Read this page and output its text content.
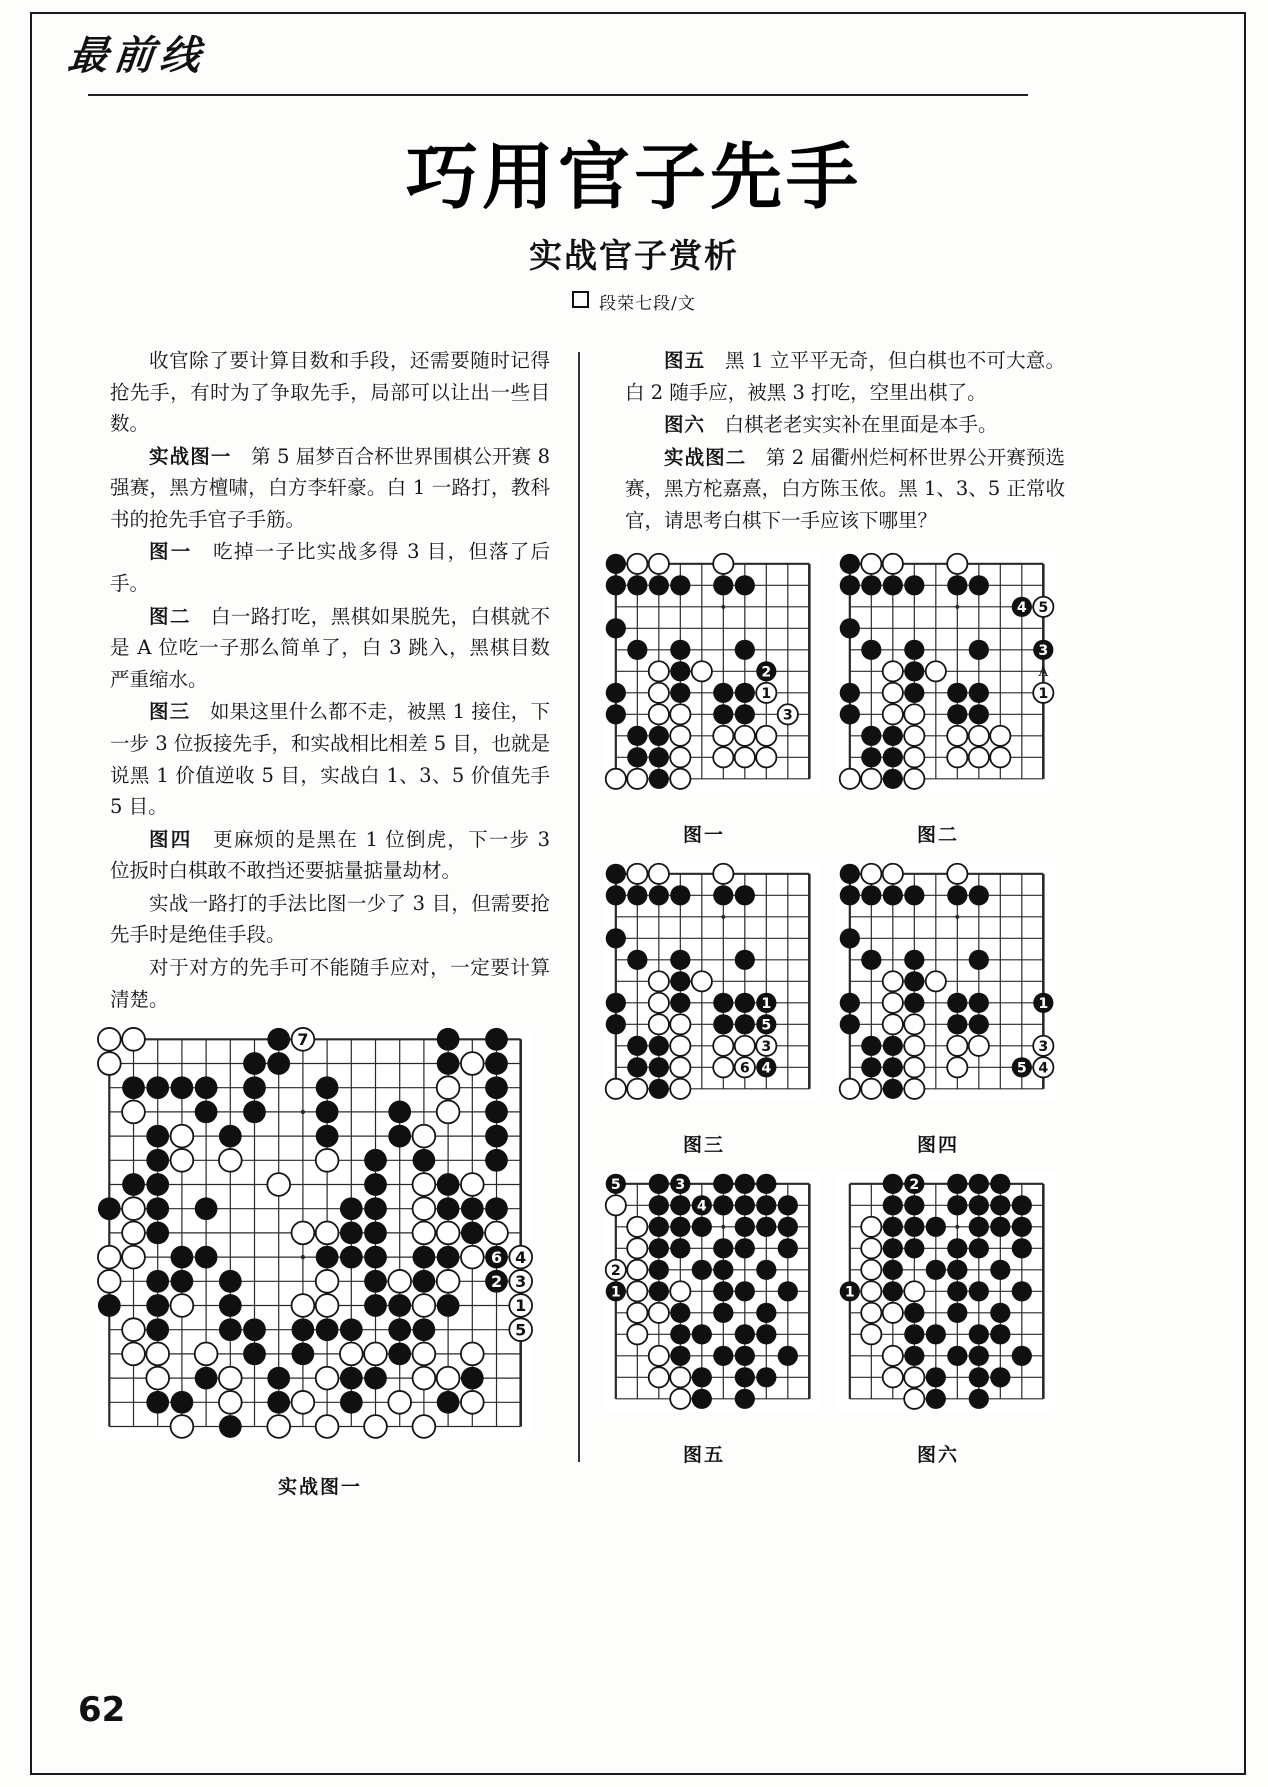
最前线
巧用官子先手
实战官子赏析
段荣七段/文

收官除了要计算目数和手段，还需要随时记得抢先手，有时为了争取先手，局部可以让出一些目数。

实战图一　第 5 届梦百合杯世界围棋公开赛 8 强赛，黑方檀啸，白方李轩豪。白 1 一路打，教科书的抢先手官子手筋。

图一　吃掉一子比实战多得 3 目，但落了后手。

图二　白一路打吃，黑棋如果脱先，白棋就不是 A 位吃一子那么简单了，白 3 跳入，黑棋目数严重缩水。

图三　如果这里什么都不走，被黑 1 接住，下一步 3 位扳接先手，和实战相比相差 5 目，也就是说黑 1 价值逆收 5 目，实战白 1、3、5 价值先手 5 目。

图四　更麻烦的是黑在 1 位倒虎，下一步 3 位扳时白棋敢不敢挡还要掂量掂量劫材。

实战一路打的手法比图一少了 3 目，但需要抢先手时是绝佳手段。

对于对方的先手可不能随手应对，一定要计算清楚。

图五　黑 1 立平平无奇，但白棋也不可大意。白 2 随手应，被黑 3 打吃，空里出棋了。

图六　白棋老老实实补在里面是本手。

实战图二　第 2 届衢州烂柯杯世界公开赛预选赛，黑方柁嘉熹，白方陈玉侬。黑 1、3、5 正常收官，请思考白棋下一手应该下哪里？

2
1
3
图一
4 5
3
1
A
图二
1
5
3
6 4
图三
1
3
5 4
图四
5	3
4
2
1
图五
2
1
图六
7
6 4
2 3
1
5
实战图一
62
